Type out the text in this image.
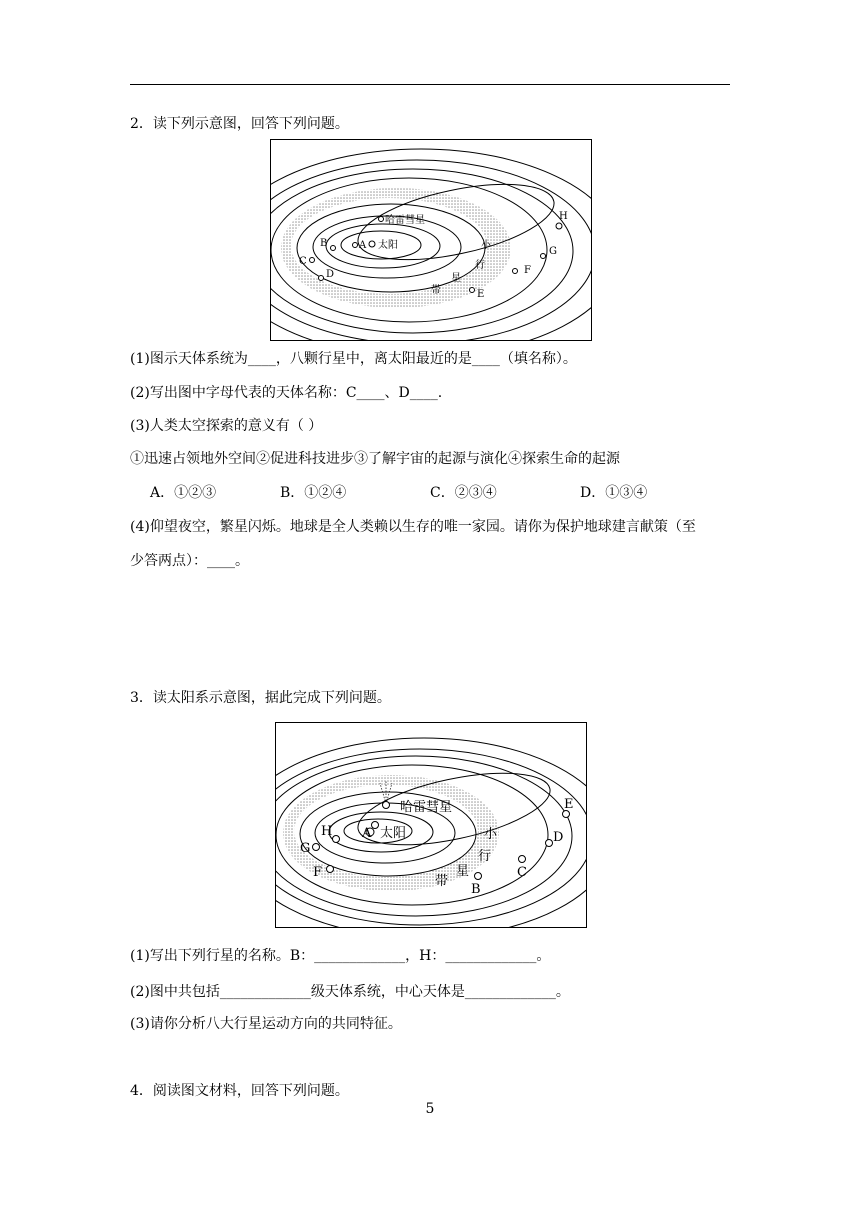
2．读下列示意图，回答下列问题。
哈雷彗星
A 太阳
B
C
D
E
F
G
H
小
行
星
带
(1)图示天体系统为____，八颗行星中，离太阳最近的是____（填名称）。
(2)写出图中字母代表的天体名称：C____、D____.
(3)人类太空探索的意义有（ ）
①迅速占领地外空间②促进科技进步③了解宇宙的起源与演化④探索生命的起源
A．①②③	B．①②④	C．②③④	D．①③④
(4)仰望夜空，繁星闪烁。地球是全人类赖以生存的唯一家园。请你为保护地球建言献策（至
少答两点）：____。
3．读太阳系示意图，据此完成下列问题。
哈雷彗星
A 太阳
H
G
F
B
C
D
E
小
行
星
带
(1)写出下列行星的名称。B：_____________，H：_____________。
(2)图中共包括_____________级天体系统，中心天体是_____________。
(3)请你分析八大行星运动方向的共同特征。
4．阅读图文材料，回答下列问题。
5
